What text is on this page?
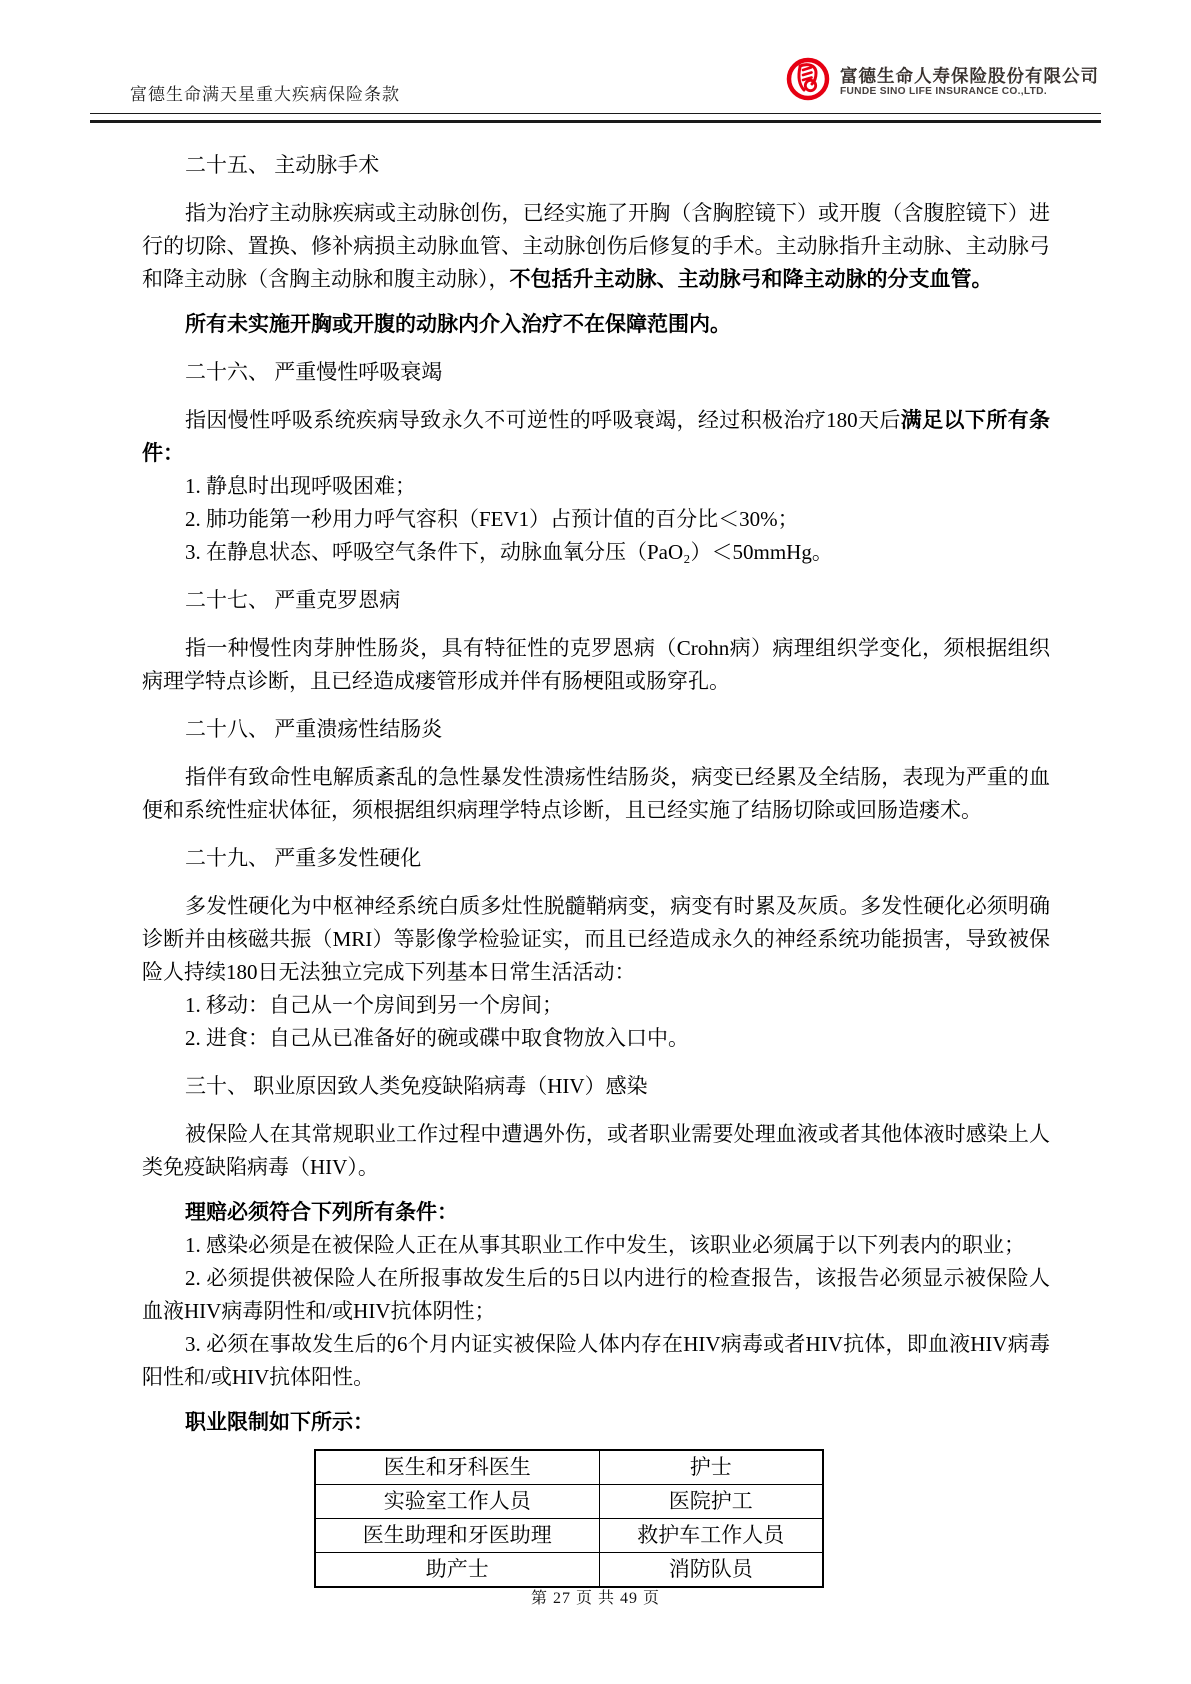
富德生命满天星重大疾病保险条款
富德生命人寿保险股份有限公司
FUNDE SINO LIFE INSURANCE CO.,LTD.

二十五、 主动脉手术

指为治疗主动脉疾病或主动脉创伤，已经实施了开胸（含胸腔镜下）或开腹（含腹腔镜下）进行的切除、置换、修补病损主动脉血管、主动脉创伤后修复的手术。主动脉指升主动脉、主动脉弓和降主动脉（含胸主动脉和腹主动脉），不包括升主动脉、主动脉弓和降主动脉的分支血管。

所有未实施开胸或开腹的动脉内介入治疗不在保障范围内。

二十六、 严重慢性呼吸衰竭

指因慢性呼吸系统疾病导致永久不可逆性的呼吸衰竭，经过积极治疗180天后满足以下所有条件：

1. 静息时出现呼吸困难；

2. 肺功能第一秒用力呼气容积（FEV1）占预计值的百分比＜30%；

3. 在静息状态、呼吸空气条件下，动脉血氧分压（PaO₂）＜50mmHg。

二十七、 严重克罗恩病

指一种慢性肉芽肿性肠炎，具有特征性的克罗恩病（Crohn病）病理组织学变化，须根据组织病理学特点诊断，且已经造成瘘管形成并伴有肠梗阻或肠穿孔。

二十八、 严重溃疡性结肠炎

指伴有致命性电解质紊乱的急性暴发性溃疡性结肠炎，病变已经累及全结肠，表现为严重的血便和系统性症状体征，须根据组织病理学特点诊断，且已经实施了结肠切除或回肠造瘘术。

二十九、 严重多发性硬化

多发性硬化为中枢神经系统白质多灶性脱髓鞘病变，病变有时累及灰质。多发性硬化必须明确诊断并由核磁共振（MRI）等影像学检验证实，而且已经造成永久的神经系统功能损害，导致被保险人持续180日无法独立完成下列基本日常生活活动：

1. 移动：自己从一个房间到另一个房间；

2. 进食：自己从已准备好的碗或碟中取食物放入口中。

三十、 职业原因致人类免疫缺陷病毒（HIV）感染

被保险人在其常规职业工作过程中遭遇外伤，或者职业需要处理血液或者其他体液时感染上人类免疫缺陷病毒（HIV）。

理赔必须符合下列所有条件：

1. 感染必须是在被保险人正在从事其职业工作中发生，该职业必须属于以下列表内的职业；

2. 必须提供被保险人在所报事故发生后的5日以内进行的检查报告，该报告必须显示被保险人血液HIV病毒阴性和/或HIV抗体阴性；

3. 必须在事故发生后的6个月内证实被保险人体内存在HIV病毒或者HIV抗体，即血液HIV病毒阳性和/或HIV抗体阳性。

职业限制如下所示：

医生和牙科医生	护士
实验室工作人员	医院护工
医生助理和牙医助理	救护车工作人员
助产士	消防队员
第 27 页 共 49 页
